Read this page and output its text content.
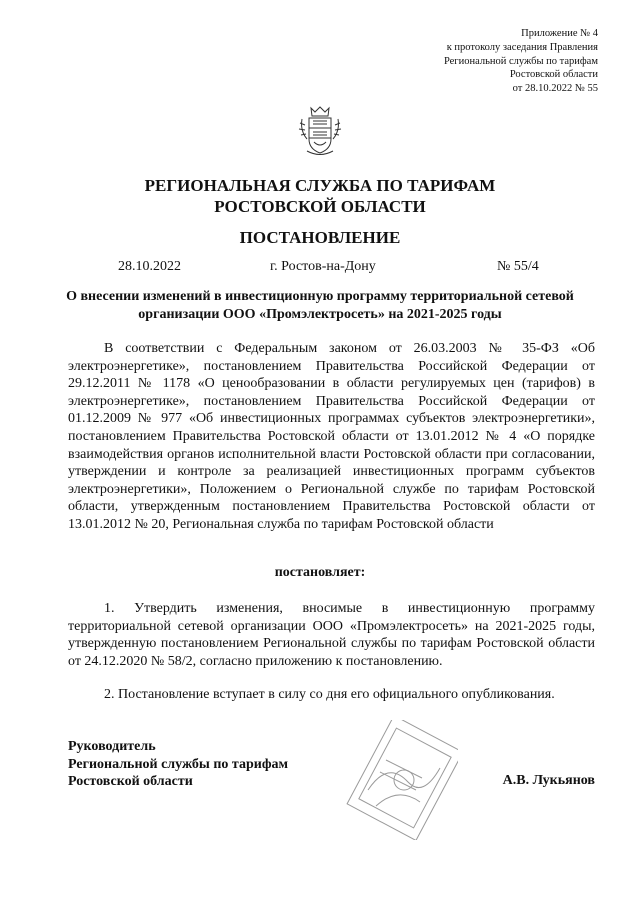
Приложение № 4
к протоколу заседания Правления
Региональной службы по тарифам
Ростовской области
от 28.10.2022 № 55
РЕГИОНАЛЬНАЯ СЛУЖБА ПО ТАРИФАМ
РОСТОВСКОЙ ОБЛАСТИ
ПОСТАНОВЛЕНИЕ
28.10.2022	г. Ростов-на-Дону	№ 55/4
О внесении изменений в инвестиционную программу территориальной сетевой организации ООО «Промэлектросеть» на 2021-2025 годы

В соответствии с Федеральным законом от 26.03.2003 № 35-ФЗ «Об электроэнергетике», постановлением Правительства Российской Федерации от 29.12.2011 № 1178 «О ценообразовании в области регулируемых цен (тарифов) в электроэнергетике», постановлением Правительства Российской Федерации от 01.12.2009 № 977 «Об инвестиционных программах субъектов электроэнергетики», постановлением Правительства Ростовской области от 13.01.2012 № 4 «О порядке взаимодействия органов исполнительной власти Ростовской области при согласовании, утверждении и контроле за реализацией инвестиционных программ субъектов электроэнергетики», Положением о Региональной службе по тарифам Ростовской области, утвержденным постановлением Правительства Ростовской области от 13.01.2012 № 20, Региональная служба по тарифам Ростовской области

постановляет:

1. Утвердить изменения, вносимые в инвестиционную программу территориальной сетевой организации ООО «Промэлектросеть» на 2021-2025 годы, утвержденную постановлением Региональной службы по тарифам Ростовской области от 24.12.2020 № 58/2, согласно приложению к постановлению.

2. Постановление вступает в силу со дня его официального опубликования.

Руководитель
Региональной службы по тарифам
Ростовской области	А.В. Лукьянов
